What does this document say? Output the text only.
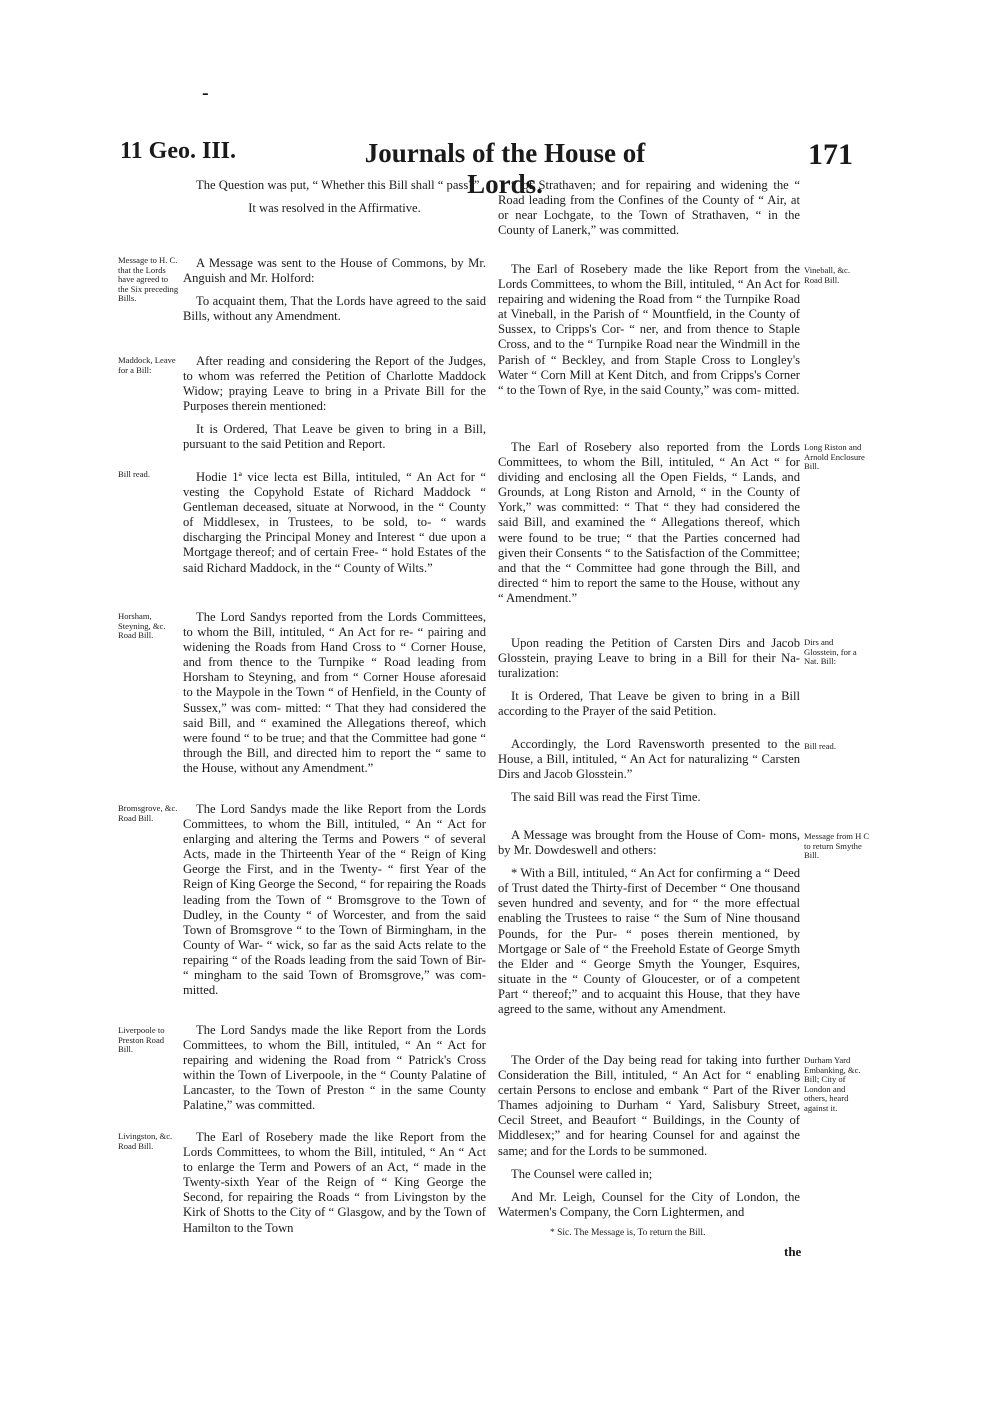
-
11 Geo. III.	Journals of the House of Lords.
171

The Question was put, “ Whether this Bill shall “ pass?”

It was resolved in the Affirmative.

Message to H. C. that the Lords have agreed to the Six preceding Bills.

A Message was sent to the House of Commons, by Mr. Anguish and Mr. Holford:

To acquaint them, That the Lords have agreed to the said Bills, without any Amendment.

Maddock, Leave for a Bill:

After reading and considering the Report of the Judges, to whom was referred the Petition of Charlotte Maddock Widow; praying Leave to bring in a Private Bill for the Purposes therein mentioned:

It is Ordered, That Leave be given to bring in a Bill, pursuant to the said Petition and Report.

Bill read.	Hodie 1ª vice lecta est Billa, intituled, “ An Act for “ vesting the Copyhold Estate of Richard Maddock “ Gentleman deceased, situate at Norwood, in the “ County of Middlesex, in Trustees, to be sold, to- “ wards discharging the Principal Money and Interest “ due upon a Mortgage thereof; and of certain Free- “ hold Estates of the said Richard Maddock, in the “ County of Wilts.”

Horsham, Steyning, &c. Road Bill.

The Lord Sandys reported from the Lords Committees, to whom the Bill, intituled, “ An Act for re- “ pairing and widening the Roads from Hand Cross to “ Corner House, and from thence to the Turnpike “ Road leading from Horsham to Steyning, and from “ Corner House aforesaid to the Maypole in the Town “ of Henfield, in the County of Sussex,” was com- mitted: “ That they had considered the said Bill, and “ examined the Allegations thereof, which were found “ to be true; and that the Committee had gone “ through the Bill, and directed him to report the “ same to the House, without any Amendment.”

Bromsgrove, &c. Road Bill.

The Lord Sandys made the like Report from the Lords Committees, to whom the Bill, intituled, “ An “ Act for enlarging and altering the Terms and Powers “ of several Acts, made in the Thirteenth Year of the “ Reign of King George the First, and in the Twenty- “ first Year of the Reign of King George the Second, “ for repairing the Roads leading from the Town of “ Bromsgrove to the Town of Dudley, in the County “ of Worcester, and from the said Town of Bromsgrove “ to the Town of Birmingham, in the County of War- “ wick, so far as the said Acts relate to the repairing “ of the Roads leading from the said Town of Bir- “ mingham to the said Town of Bromsgrove,” was com- mitted.

Liverpoole to Preston Road Bill.

The Lord Sandys made the like Report from the Lords Committees, to whom the Bill, intituled, “ An “ Act for repairing and widening the Road from “ Patrick's Cross within the Town of Liverpoole, in the “ County Palatine of Lancaster, to the Town of Preston “ in the same County Palatine,” was committed.

Livingston, &c. Road Bill.

The Earl of Rosebery made the like Report from the Lords Committees, to whom the Bill, intituled, “ An “ Act to enlarge the Term and Powers of an Act, “ made in the Twenty-sixth Year of the Reign of “ King George the Second, for repairing the Roads “ from Livingston by the Kirk of Shotts to the City of “ Glasgow, and by the Town of Hamilton to the Town

“ of Strathaven; and for repairing and widening the “ Road leading from the Confines of the County of “ Air, at or near Lochgate, to the Town of Strathaven, “ in the County of Lanerk,” was committed.

Vineball, &c. Road Bill.

The Earl of Rosebery made the like Report from the Lords Committees, to whom the Bill, intituled, “ An Act for repairing and widening the Road from “ the Turnpike Road at Vineball, in the Parish of “ Mountfield, in the County of Sussex, to Cripps's Cor- “ ner, and from thence to Staple Cross, and to the “ Turnpike Road near the Windmill in the Parish of “ Beckley, and from Staple Cross to Longley's Water “ Corn Mill at Kent Ditch, and from Cripps's Corner “ to the Town of Rye, in the said County,” was com- mitted.

Long Riston and Arnold Enclosure Bill.

The Earl of Rosebery also reported from the Lords Committees, to whom the Bill, intituled, “ An Act “ for dividing and enclosing all the Open Fields, “ Lands, and Grounds, at Long Riston and Arnold, “ in the County of York,” was committed: “ That “ they had considered the said Bill, and examined the “ Allegations thereof, which were found to be true; “ that the Parties concerned had given their Consents “ to the Satisfaction of the Committee; and that the “ Committee had gone through the Bill, and directed “ him to report the same to the House, without any “ Amendment.”

Dirs and Glosstein, for a Nat. Bill:

Upon reading the Petition of Carsten Dirs and Jacob Glosstein, praying Leave to bring in a Bill for their Na- turalization:

It is Ordered, That Leave be given to bring in a Bill according to the Prayer of the said Petition.

Bill read.

Accordingly, the Lord Ravensworth presented to the House, a Bill, intituled, “ An Act for naturalizing “ Carsten Dirs and Jacob Glosstein.”

The said Bill was read the First Time.

Message from H C to return Smythe Bill.

A Message was brought from the House of Com- mons, by Mr. Dowdeswell and others:

* With a Bill, intituled, “ An Act for confirming a “ Deed of Trust dated the Thirty-first of December “ One thousand seven hundred and seventy, and for “ the more effectual enabling the Trustees to raise “ the Sum of Nine thousand Pounds, for the Pur- “ poses therein mentioned, by Mortgage or Sale of “ the Freehold Estate of George Smyth the Elder and “ George Smyth the Younger, Esquires, situate in the “ County of Gloucester, or of a competent Part “ thereof;” and to acquaint this House, that they have agreed to the same, without any Amendment.

Durham Yard Embanking, &c. Bill; City of London and others, heard against it.

The Order of the Day being read for taking into further Consideration the Bill, intituled, “ An Act for “ enabling certain Persons to enclose and embank “ Part of the River Thames adjoining to Durham “ Yard, Salisbury Street, Cecil Street, and Beaufort “ Buildings, in the County of Middlesex;” and for hearing Counsel for and against the same; and for the Lords to be summoned.

The Counsel were called in;

And Mr. Leigh, Counsel for the City of London, the Watermen's Company, the Corn Lightermen, and

* Sic. The Message is, To return the Bill.
the
